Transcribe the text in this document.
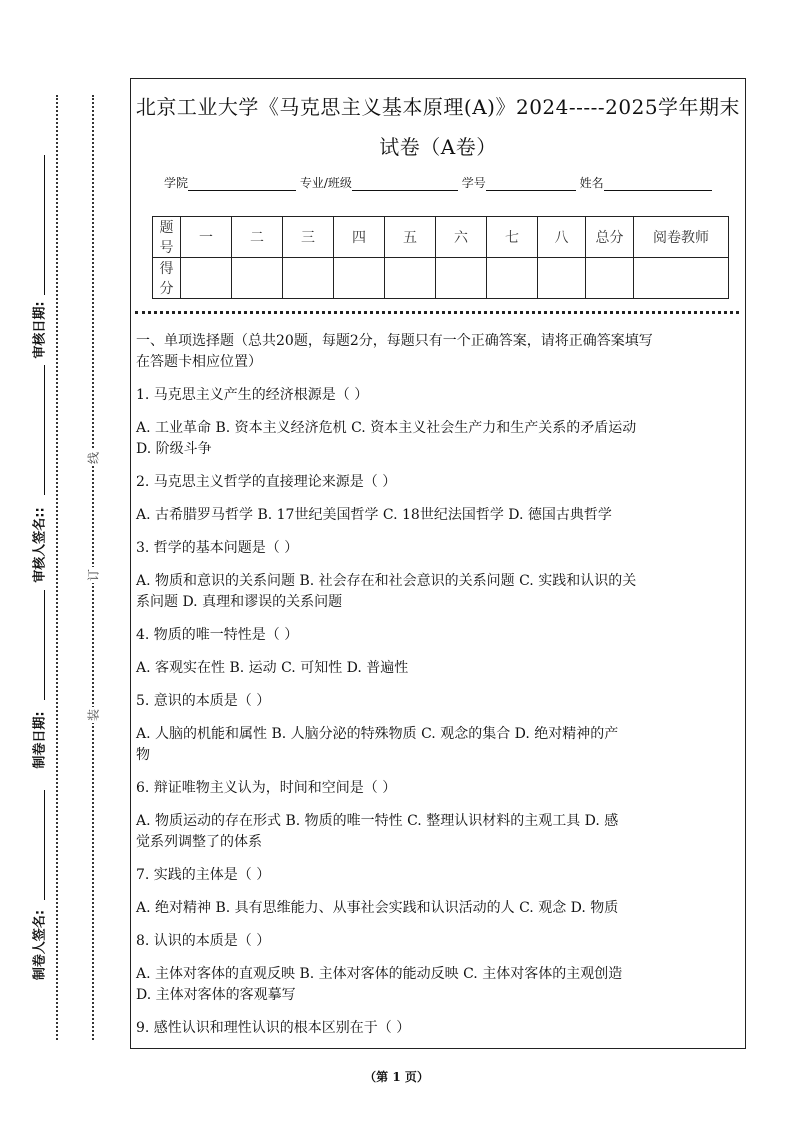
审核日期:
审核人签名::
制卷日期:
制卷人签名:
线
订
装
北京工业大学《马克思主义基本原理(A)》2024-----2025学年期末
试卷（A卷）
学院	专业/班级	学号	姓名
题号	一	二	三	四	五	六	七	八	总分	阅卷教师
得分										
一、单项选择题（总共20题，每题2分，每题只有一个正确答案，请将正确答案填写
在答题卡相应位置）
1. 马克思主义产生的经济根源是（ ）
A. 工业革命 B. 资本主义经济危机 C. 资本主义社会生产力和生产关系的矛盾运动
D. 阶级斗争
2. 马克思主义哲学的直接理论来源是（ ）
A. 古希腊罗马哲学 B. 17世纪美国哲学 C. 18世纪法国哲学 D. 德国古典哲学
3. 哲学的基本问题是（ ）
A. 物质和意识的关系问题 B. 社会存在和社会意识的关系问题 C. 实践和认识的关
系问题 D. 真理和谬误的关系问题
4. 物质的唯一特性是（ ）
A. 客观实在性 B. 运动 C. 可知性 D. 普遍性
5. 意识的本质是（ ）
A. 人脑的机能和属性 B. 人脑分泌的特殊物质 C. 观念的集合 D. 绝对精神的产
物
6. 辩证唯物主义认为，时间和空间是（ ）
A. 物质运动的存在形式 B. 物质的唯一特性 C. 整理认识材料的主观工具 D. 感
觉系列调整了的体系
7. 实践的主体是（ ）
A. 绝对精神 B. 具有思维能力、从事社会实践和认识活动的人 C. 观念 D. 物质
8. 认识的本质是（ ）
A. 主体对客体的直观反映 B. 主体对客体的能动反映 C. 主体对客体的主观创造
D. 主体对客体的客观摹写
9. 感性认识和理性认识的根本区别在于（ ）
（第 1 页）
